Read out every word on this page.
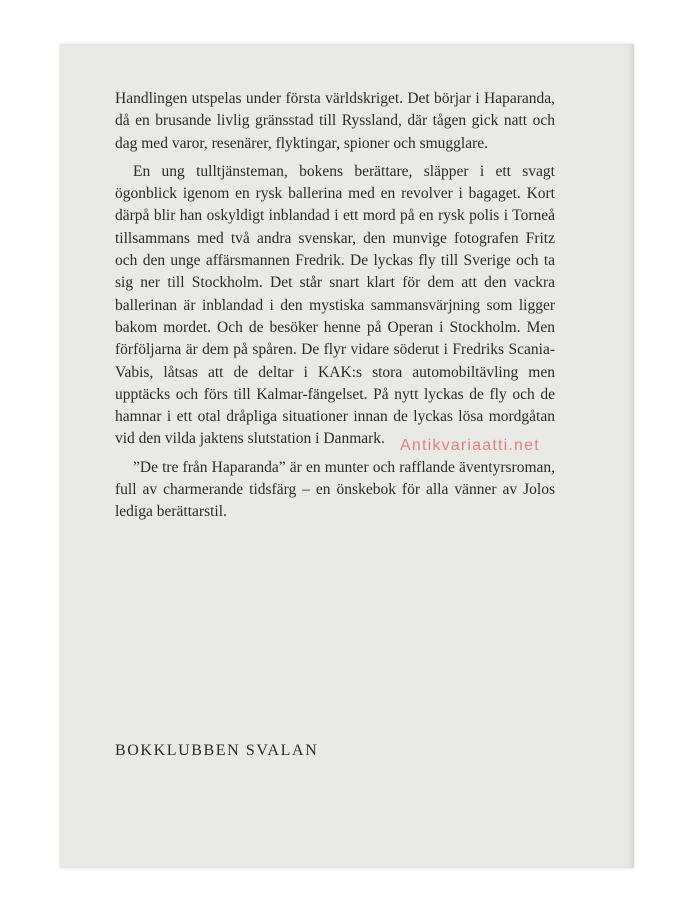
Handlingen utspelas under första världskriget. Det börjar i Haparanda, då en brusande livlig gränsstad till Ryssland, där tågen gick natt och dag med varor, resenärer, flyktingar, spioner och smugglare.

En ung tulltjänsteman, bokens berättare, släpper i ett svagt ögonblick igenom en rysk ballerina med en revolver i bagaget. Kort därpå blir han oskyldigt inblandad i ett mord på en rysk polis i Torneå tillsammans med två andra svenskar, den munvige fotografen Fritz och den unge affärsmannen Fredrik. De lyckas fly till Sverige och ta sig ner till Stockholm. Det står snart klart för dem att den vackra ballerinan är inblandad i den mystiska sammansvärjning som ligger bakom mordet. Och de besöker henne på Operan i Stockholm. Men förföljarna är dem på spåren. De flyr vidare söderut i Fredriks Scania-Vabis, låtsas att de deltar i KAK:s stora automobiltävling men upptäcks och förs till Kalmar-fängelset. På nytt lyckas de fly och de hamnar i ett otal dråpliga situationer innan de lyckas lösa mordgåtan vid den vilda jaktens slutstation i Danmark.

”De tre från Haparanda” är en munter och rafflande äventyrsroman, full av charmerande tidsfärg – en önskebok för alla vänner av Jolos lediga berättarstil.

BOKKLUBBEN SVALAN
Antikvariaatti.net
